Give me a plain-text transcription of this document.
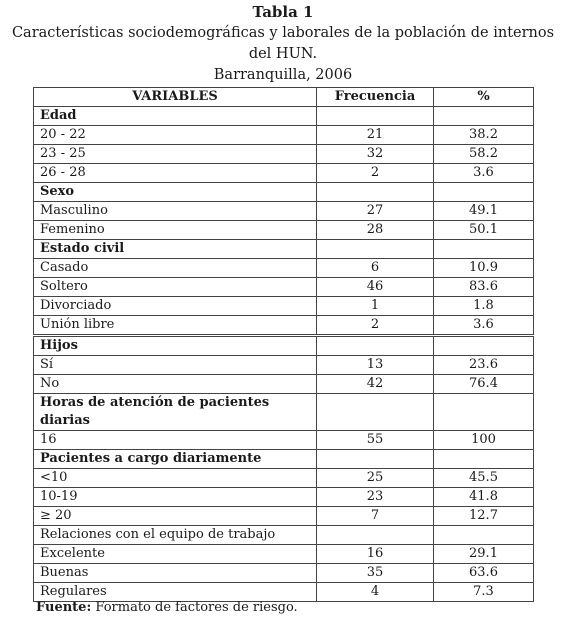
Tabla 1
Características sociodemográficas y laborales de la población de internos del HUN.
Barranquilla, 2006
VARIABLES	Frecuencia	%
Edad		
20 - 22	21	38.2
23 - 25	32	58.2
26 - 28	2	3.6
Sexo		
Masculino	27	49.1
Femenino	28	50.1
Estado civil		
Casado	6	10.9
Soltero	46	83.6
Divorciado	1	1.8
Unión libre	2	3.6
Hijos		
Sí	13	23.6
No	42	76.4
Horas de atención de pacientes diarias		
16	55	100
Pacientes a cargo diariamente		
<10	25	45.5
10-19	23	41.8
≥ 20	7	12.7
Relaciones con el equipo de trabajo		
Excelente	16	29.1
Buenas	35	63.6
Regulares	4	7.3
Fuente: Formato de factores de riesgo.
